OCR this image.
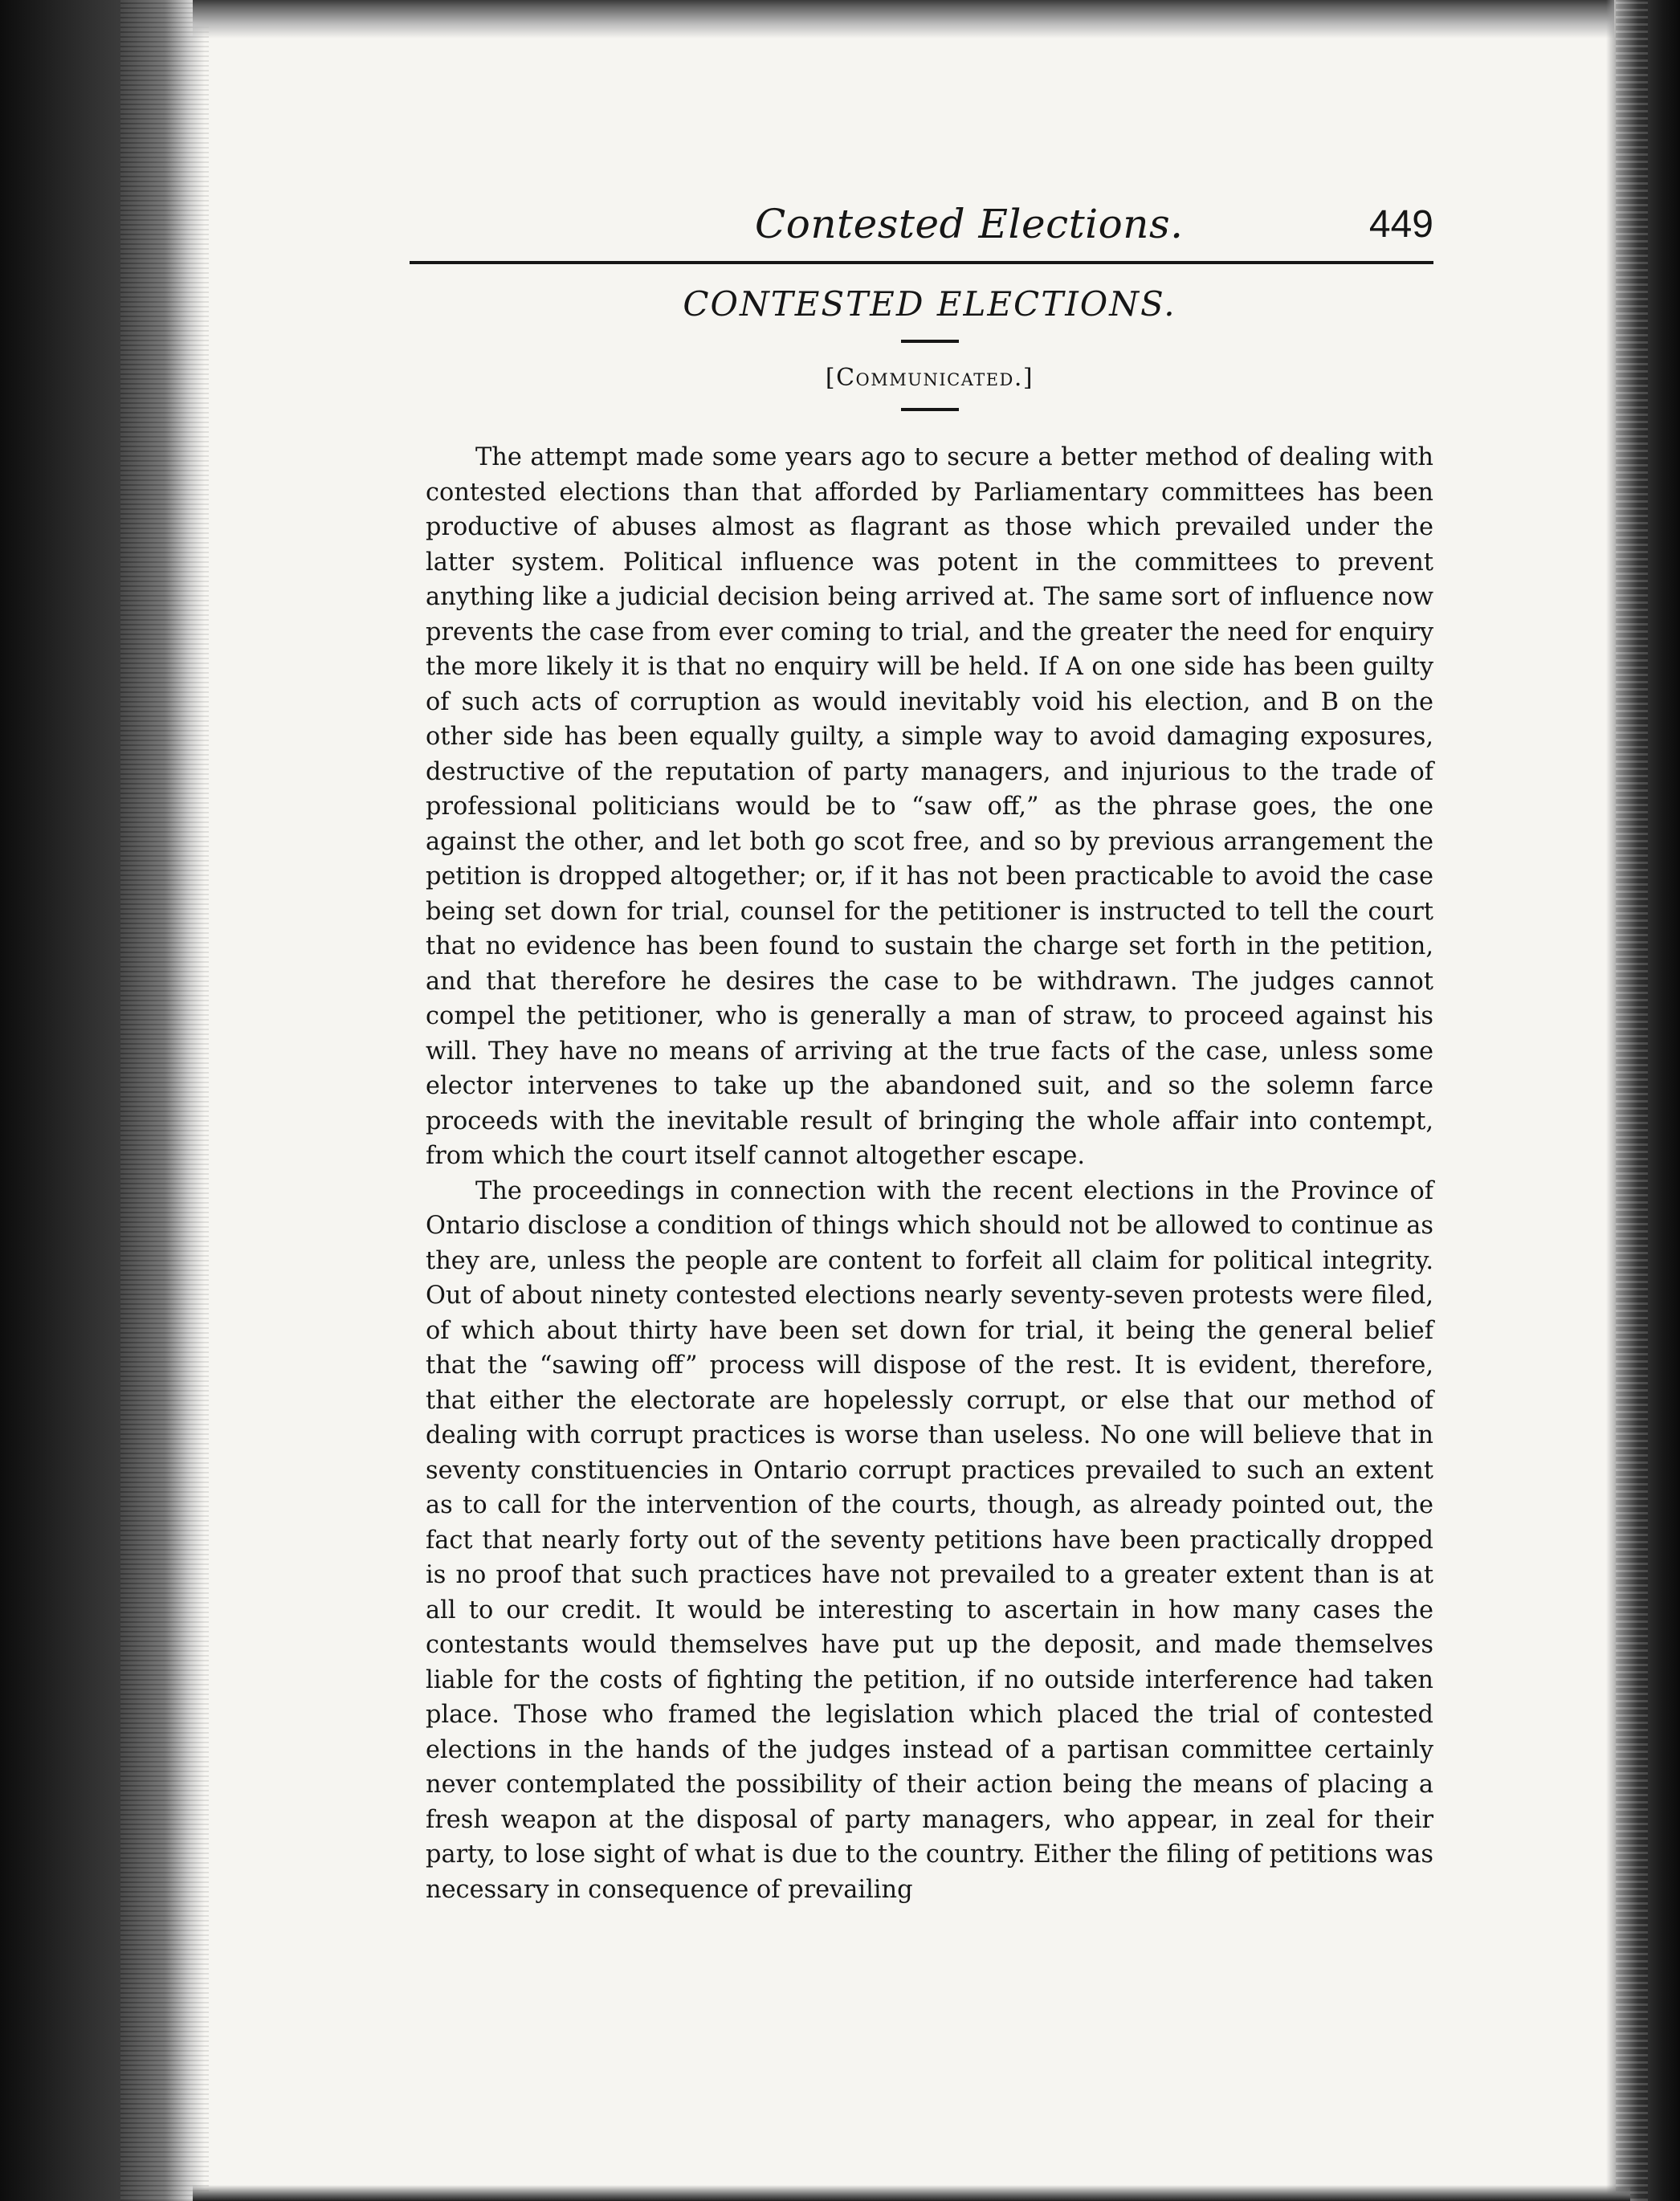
Contested Elections.	449
CONTESTED ELECTIONS.
[Communicated.]

The attempt made some years ago to secure a better method of dealing with contested elections than that afforded by Parliamentary committees has been productive of abuses almost as flagrant as those which prevailed under the latter system. Political influence was potent in the committees to prevent anything like a judicial decision being arrived at. The same sort of influence now prevents the case from ever coming to trial, and the greater the need for enquiry the more likely it is that no enquiry will be held. If A on one side has been guilty of such acts of corruption as would inevitably void his election, and B on the other side has been equally guilty, a simple way to avoid damaging exposures, destructive of the reputation of party managers, and injurious to the trade of professional politicians would be to “saw off,” as the phrase goes, the one against the other, and let both go scot free, and so by previous arrangement the petition is dropped altogether; or, if it has not been practicable to avoid the case being set down for trial, counsel for the petitioner is instructed to tell the court that no evidence has been found to sustain the charge set forth in the petition, and that therefore he desires the case to be withdrawn. The judges cannot compel the petitioner, who is generally a man of straw, to proceed against his will. They have no means of arriving at the true facts of the case, unless some elector intervenes to take up the abandoned suit, and so the solemn farce proceeds with the inevitable result of bringing the whole affair into contempt, from which the court itself cannot altogether escape.

The proceedings in connection with the recent elections in the Province of Ontario disclose a condition of things which should not be allowed to continue as they are, unless the people are content to forfeit all claim for political integrity. Out of about ninety contested elections nearly seventy-seven protests were filed, of which about thirty have been set down for trial, it being the general belief that the “sawing off” process will dispose of the rest. It is evident, therefore, that either the electorate are hopelessly corrupt, or else that our method of dealing with corrupt practices is worse than useless. No one will believe that in seventy constituencies in Ontario corrupt practices prevailed to such an extent as to call for the intervention of the courts, though, as already pointed out, the fact that nearly forty out of the seventy petitions have been practically dropped is no proof that such practices have not prevailed to a greater extent than is at all to our credit. It would be interesting to ascertain in how many cases the contestants would themselves have put up the deposit, and made themselves liable for the costs of fighting the petition, if no outside interference had taken place. Those who framed the legislation which placed the trial of contested elections in the hands of the judges instead of a partisan committee certainly never contemplated the possibility of their action being the means of placing a fresh weapon at the disposal of party managers, who appear, in zeal for their party, to lose sight of what is due to the country. Either the filing of petitions was necessary in consequence of prevailing
